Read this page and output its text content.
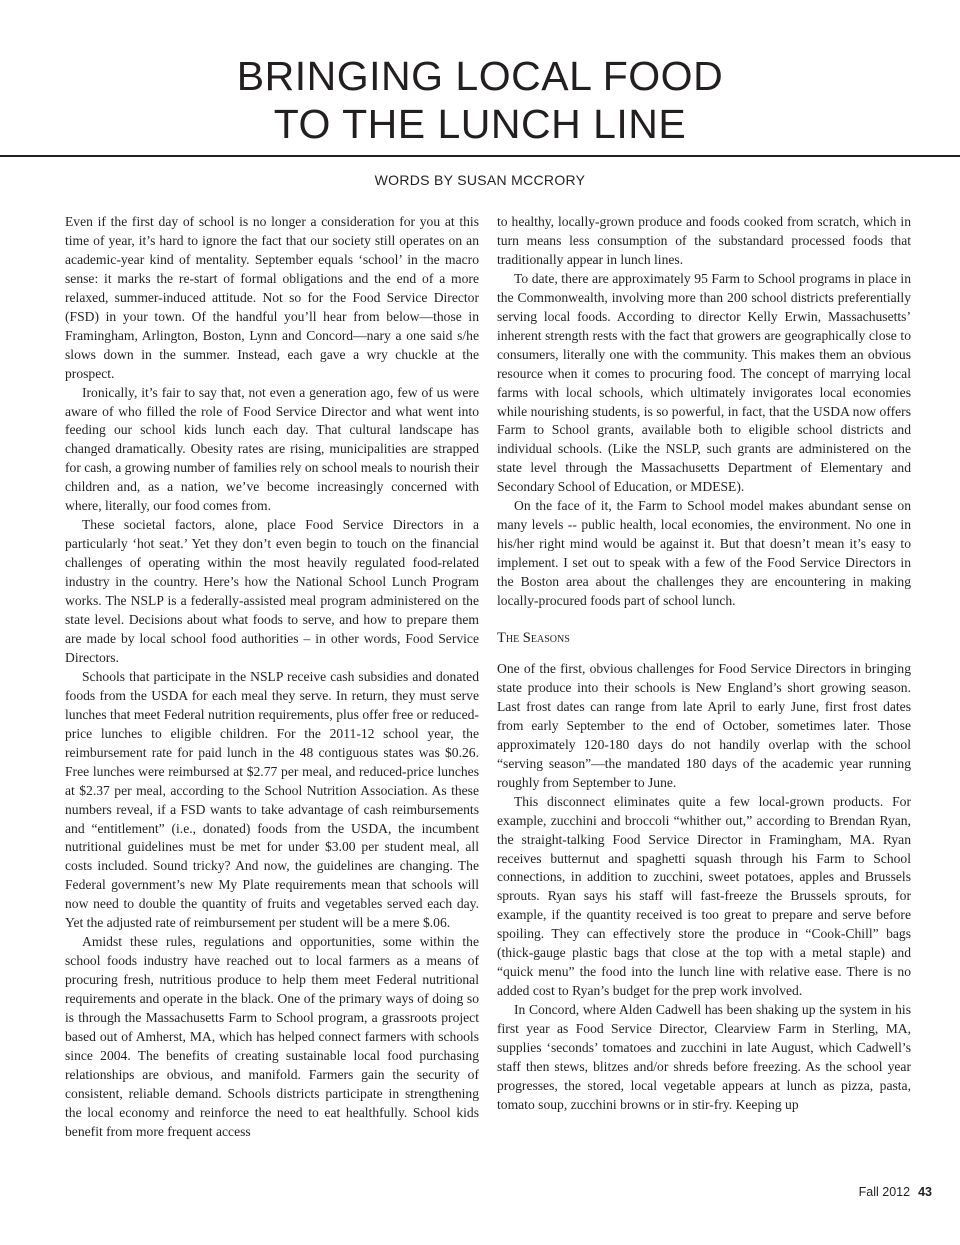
BRINGING LOCAL FOOD
TO THE LUNCH LINE
WORDS BY SUSAN MCCRORY

Even if the first day of school is no longer a consideration for you at this time of year, it’s hard to ignore the fact that our society still operates on an academic-year kind of mentality. September equals ‘school’ in the macro sense: it marks the re-start of formal obligations and the end of a more relaxed, summer-induced attitude. Not so for the Food Service Director (FSD) in your town. Of the handful you’ll hear from below—those in Framingham, Arlington, Boston, Lynn and Concord—nary a one said s/he slows down in the summer. Instead, each gave a wry chuckle at the prospect.

Ironically, it’s fair to say that, not even a generation ago, few of us were aware of who filled the role of Food Service Director and what went into feeding our school kids lunch each day. That cultural landscape has changed dramatically. Obesity rates are rising, municipalities are strapped for cash, a growing number of families rely on school meals to nourish their children and, as a nation, we’ve become increasingly concerned with where, literally, our food comes from.

These societal factors, alone, place Food Service Directors in a particularly ‘hot seat.’ Yet they don’t even begin to touch on the financial challenges of operating within the most heavily regulated food-related industry in the country. Here’s how the National School Lunch Program works. The NSLP is a federally-assisted meal program administered on the state level. Decisions about what foods to serve, and how to prepare them are made by local school food authorities – in other words, Food Service Directors.

Schools that participate in the NSLP receive cash subsidies and donated foods from the USDA for each meal they serve. In return, they must serve lunches that meet Federal nutrition requirements, plus offer free or reduced-price lunches to eligible children. For the 2011-12 school year, the reimbursement rate for paid lunch in the 48 contiguous states was $0.26. Free lunches were reimbursed at $2.77 per meal, and reduced-price lunches at $2.37 per meal, according to the School Nutrition Association. As these numbers reveal, if a FSD wants to take advantage of cash reimbursements and “entitlement” (i.e., donated) foods from the USDA, the incumbent nutritional guidelines must be met for under $3.00 per student meal, all costs included. Sound tricky? And now, the guidelines are changing. The Federal government’s new My Plate requirements mean that schools will now need to double the quantity of fruits and vegetables served each day. Yet the adjusted rate of reimbursement per student will be a mere $.06.

Amidst these rules, regulations and opportunities, some within the school foods industry have reached out to local farmers as a means of procuring fresh, nutritious produce to help them meet Federal nutritional requirements and operate in the black. One of the primary ways of doing so is through the Massachusetts Farm to School program, a grassroots project based out of Amherst, MA, which has helped connect farmers with schools since 2004. The benefits of creating sustainable local food purchasing relationships are obvious, and manifold. Farmers gain the security of consistent, reliable demand. Schools districts participate in strengthening the local economy and reinforce the need to eat healthfully. School kids benefit from more frequent access

to healthy, locally-grown produce and foods cooked from scratch, which in turn means less consumption of the substandard processed foods that traditionally appear in lunch lines.

To date, there are approximately 95 Farm to School programs in place in the Commonwealth, involving more than 200 school districts preferentially serving local foods. According to director Kelly Erwin, Massachusetts’ inherent strength rests with the fact that growers are geographically close to consumers, literally one with the community. This makes them an obvious resource when it comes to procuring food. The concept of marrying local farms with local schools, which ultimately invigorates local economies while nourishing students, is so powerful, in fact, that the USDA now offers Farm to School grants, available both to eligible school districts and individual schools. (Like the NSLP, such grants are administered on the state level through the Massachusetts Department of Elementary and Secondary School of Education, or MDESE).

On the face of it, the Farm to School model makes abundant sense on many levels -- public health, local economies, the environment. No one in his/her right mind would be against it. But that doesn’t mean it’s easy to implement. I set out to speak with a few of the Food Service Directors in the Boston area about the challenges they are encountering in making locally-procured foods part of school lunch.

The Seasons

One of the first, obvious challenges for Food Service Directors in bringing state produce into their schools is New England’s short growing season. Last frost dates can range from late April to early June, first frost dates from early September to the end of October, sometimes later. Those approximately 120-180 days do not handily overlap with the school “serving season”—the mandated 180 days of the academic year running roughly from September to June.

This disconnect eliminates quite a few local-grown products. For example, zucchini and broccoli “whither out,” according to Brendan Ryan, the straight-talking Food Service Director in Framingham, MA. Ryan receives butternut and spaghetti squash through his Farm to School connections, in addition to zucchini, sweet potatoes, apples and Brussels sprouts. Ryan says his staff will fast-freeze the Brussels sprouts, for example, if the quantity received is too great to prepare and serve before spoiling. They can effectively store the produce in “Cook-Chill” bags (thick-gauge plastic bags that close at the top with a metal staple) and “quick menu” the food into the lunch line with relative ease. There is no added cost to Ryan’s budget for the prep work involved.

In Concord, where Alden Cadwell has been shaking up the system in his first year as Food Service Director, Clearview Farm in Sterling, MA, supplies ‘seconds’ tomatoes and zucchini in late August, which Cadwell’s staff then stews, blitzes and/or shreds before freezing. As the school year progresses, the stored, local vegetable appears at lunch as pizza, pasta, tomato soup, zucchini browns or in stir-fry. Keeping up

Fall 2012 43
